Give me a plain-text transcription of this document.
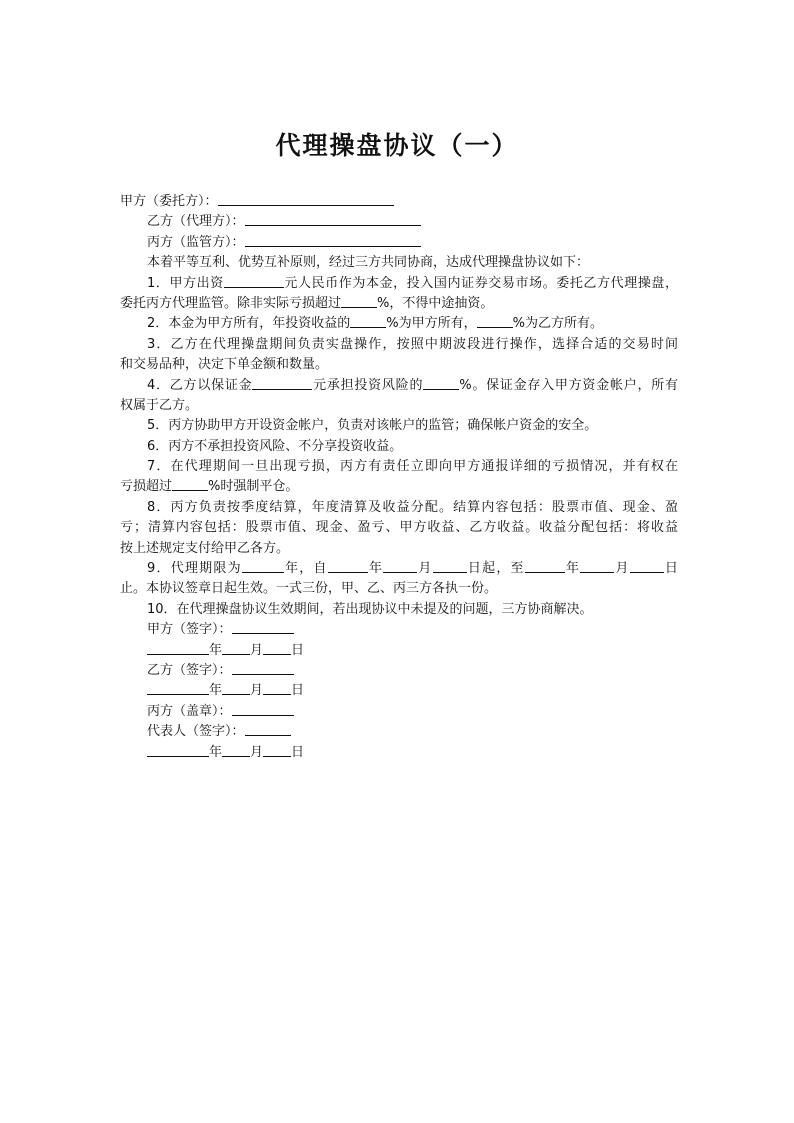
代理操盘协议（一）
甲方（委托方）：
乙方（代理方）：
丙方（监管方）：
本着平等互利、优势互补原则，经过三方共同协商，达成代理操盘协议如下：
1．甲方出资	元人民币作为本金，投入国内证券交易市场。委托乙方代理操盘，
委托丙方代理监管。除非实际亏损超过	%，不得中途抽资。
2．本金为甲方所有，年投资收益的	%为甲方所有，	%为乙方所有。
3．乙方在代理操盘期间负责实盘操作，按照中期波段进行操作，选择合适的交易时间
和交易品种，决定下单金额和数量。
4．乙方以保证金	元承担投资风险的	%。保证金存入甲方资金帐户，所有
权属于乙方。
5．丙方协助甲方开设资金帐户，负责对该帐户的监管；确保帐户资金的安全。
6．丙方不承担投资风险、不分享投资收益。
7．在代理期间一旦出现亏损，丙方有责任立即向甲方通报详细的亏损情况，并有权在
亏损超过	%时强制平仓。
8．丙方负责按季度结算，年度清算及收益分配。结算内容包括：股票市值、现金、盈
亏；清算内容包括：股票市值、现金、盈亏、甲方收益、乙方收益。收益分配包括：将收益
按上述规定支付给甲乙各方。
9．代理期限为	年，自	年	月	日起，至	年	月	日
止。本协议签章日起生效。一式三份，甲、乙、丙三方各执一份。
10．在代理操盘协议生效期间，若出现协议中未提及的问题，三方协商解决。
甲方（签字）：
年 月 日
乙方（签字）：
年 月 日
丙方（盖章）：
代表人（签字）：
年 月 日
